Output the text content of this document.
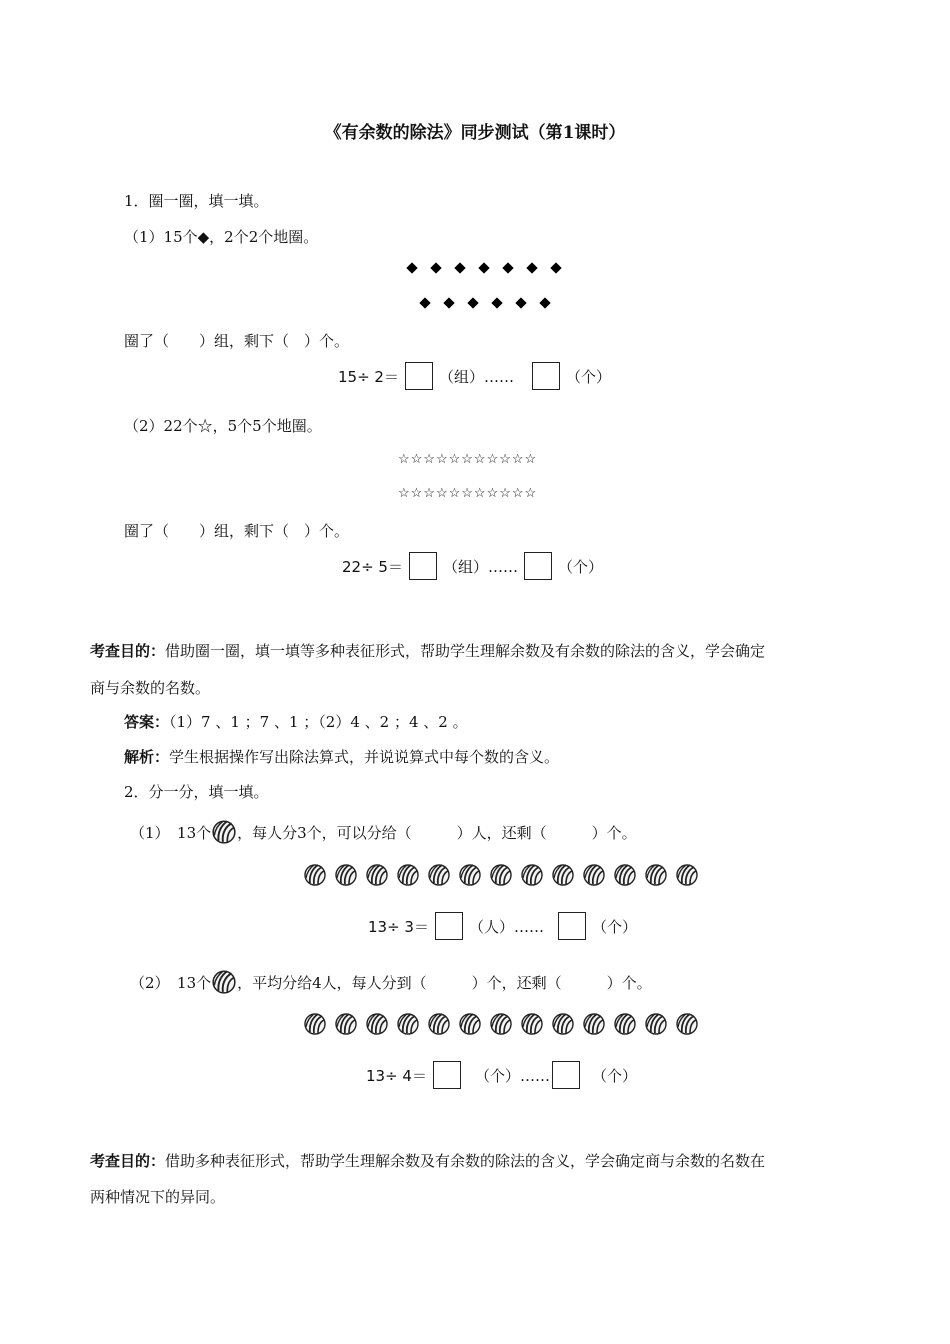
《有余数的除法》同步测试（第1课时）
1．圈一圈，填一填。
（1）15个◆，2个2个地圈。
圈了（　　）组，剩下（　）个。
15÷ 2＝	（组）……	（个）
（2）22个☆，5个5个地圈。
☆☆☆☆☆☆☆☆☆☆☆
☆☆☆☆☆☆☆☆☆☆☆
圈了（　　）组，剩下（　）个。
22÷ 5＝	（组）……	（个）
考查目的：借助圈一圈，填一填等多种表征形式，帮助学生理解余数及有余数的除法的含义，学会确定
商与余数的名数。
答案：（1）7 、1 ；7 、1 ；（2）4 、2 ；4 、2 。
解析：学生根据操作写出除法算式，并说说算式中每个数的含义。
2．分一分，填一填。
（1）　13个 ，每人分3个，可以分给（　　　）人，还剩（　　　）个。
13÷ 3＝	（人）……	（个）
（2）　13个 ，平均分给4人，每人分到（　　　）个，还剩（　　　）个。
13÷ 4＝	（个）……	（个）
考查目的：借助多种表征形式，帮助学生理解余数及有余数的除法的含义，学会确定商与余数的名数在
两种情况下的异同。
